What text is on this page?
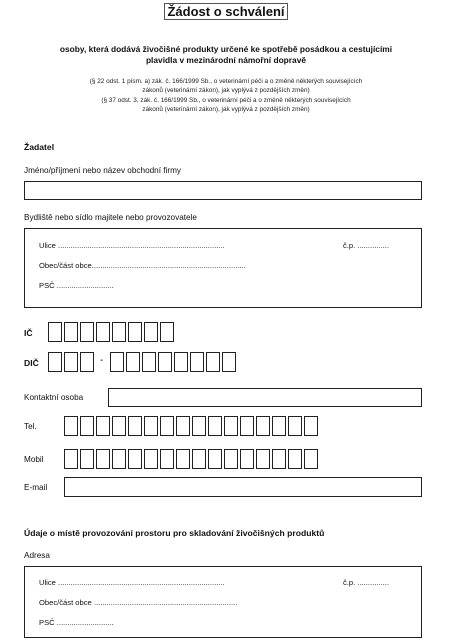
Žádost o schválení
osoby, která dodává živočišné produkty určené ke spotřebě posádkou a cestujícími
plavidla v mezinárodní námořní dopravě
(§ 22 odst. 1 písm. a) zák. č. 166/1999 Sb., o veterinární péči a o změně některých souvisejících
zákonů (veterinární zákon), jak vyplývá z pozdějších změn)
(§ 37 odst. 3, zák. č. 166/1999 Sb., o veterinární péči a o změně některých souvisejících
zákonů (veterinární zákon), jak vyplývá z pozdějších změn)
Žadatel
Jméno/příjmení nebo název obchodní firmy
Bydliště nebo sídlo majitele nebo provozovatele
Ulice ...............................................................................	č.p. ...............
Obec/část obce.........................................................................
PSČ ...........................
IČ
DIČ	-
Kontaktní osoba
Tel.
Mobil
E-mail
Údaje o místě provozování prostoru pro skladování živočišných produktů
Adresa
Ulice ...............................................................................	č.p. ...............
Obec/část obce ....................................................................
PSČ ...........................
